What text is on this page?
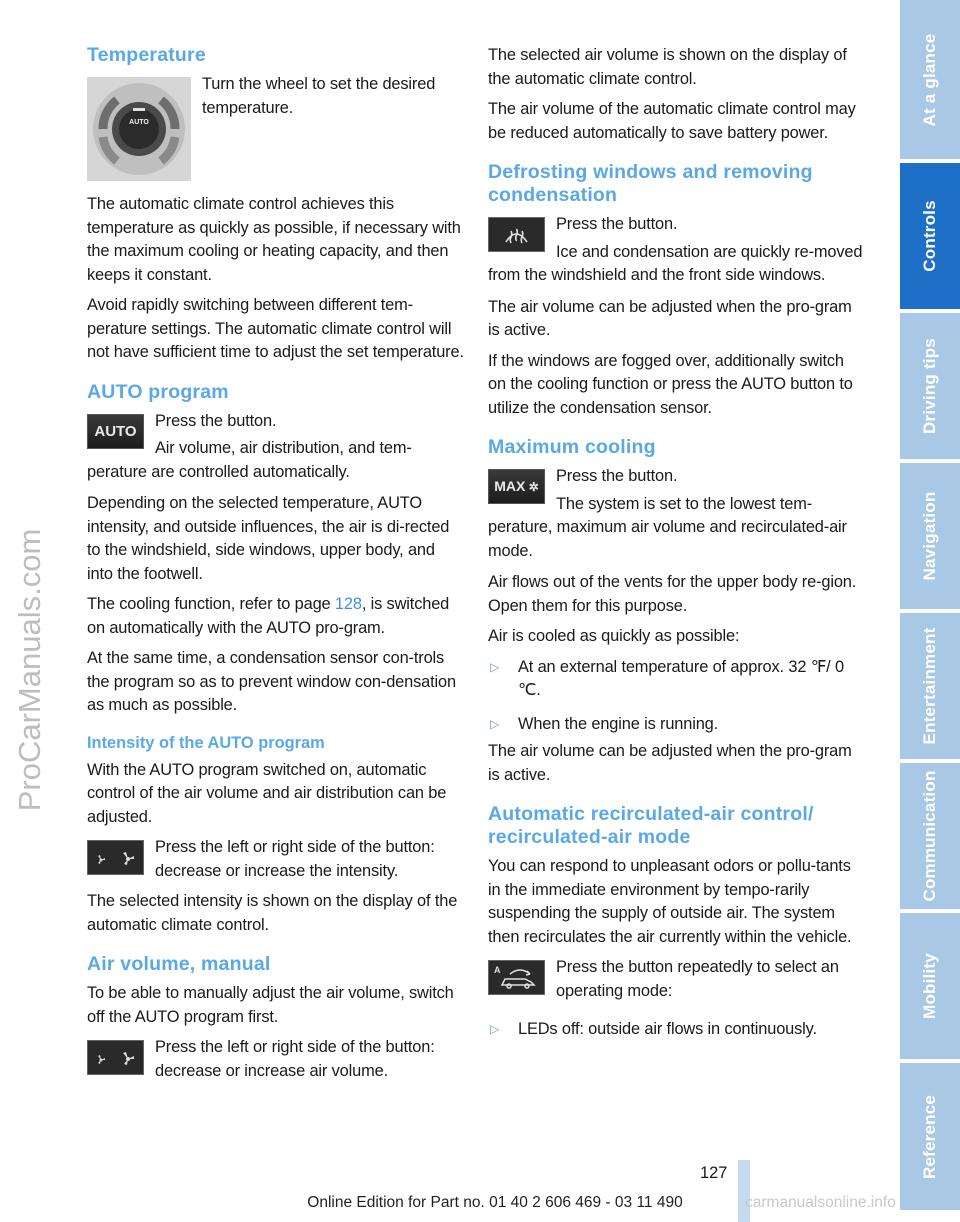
ProCarManuals.com
Temperature
AUTO

Turn the wheel to set the desired temperature.

The automatic climate control achieves this temperature as quickly as possible, if necessary with the maximum cooling or heating capacity, and then keeps it constant.

Avoid rapidly switching between different tem-perature settings. The automatic climate control will not have sufficient time to adjust the set temperature.

AUTO program
AUTO

Press the button.

Air volume, air distribution, and tem-perature are controlled automatically.

Depending on the selected temperature, AUTO intensity, and outside influences, the air is di-rected to the windshield, side windows, upper body, and into the footwell.

The cooling function, refer to page 128, is switched on automatically with the AUTO pro-gram.

At the same time, a condensation sensor con-trols the program so as to prevent window con-densation as much as possible.

Intensity of the AUTO program

With the AUTO program switched on, automatic control of the air volume and air distribution can be adjusted.

Press the left or right side of the button: decrease or increase the intensity.

The selected intensity is shown on the display of the automatic climate control.

Air volume, manual

To be able to manually adjust the air volume, switch off the AUTO program first.

Press the left or right side of the button: decrease or increase air volume.

The selected air volume is shown on the display of the automatic climate control.

The air volume of the automatic climate control may be reduced automatically to save battery power.

Defrosting windows and removing condensation

Press the button.

Ice and condensation are quickly re-moved from the windshield and the front side windows.

The air volume can be adjusted when the pro-gram is active.

If the windows are fogged over, additionally switch on the cooling function or press the AUTO button to utilize the condensation sensor.

Maximum cooling
MAX ✲

Press the button.

The system is set to the lowest tem-perature, maximum air volume and recirculated-air mode.

Air flows out of the vents for the upper body re-gion. Open them for this purpose.

Air is cooled as quickly as possible:

▷	At an external temperature of approx. 32 ℉/ 0 ℃.
▷	When the engine is running.

The air volume can be adjusted when the pro-gram is active.

Automatic recirculated-air control/ recirculated-air mode

You can respond to unpleasant odors or pollu-tants in the immediate environment by tempo-rarily suspending the supply of outside air. The system then recirculates the air currently within the vehicle.

A	Press the button repeatedly to select an operating mode:

▷	LEDs off: outside air flows in continuously.
At a glance
Controls
Driving tips
Navigation
Entertainment
Communication
Mobility
Reference
127
Online Edition for Part no. 01 40 2 606 469 - 03 11 490	carmanualsonline.info
